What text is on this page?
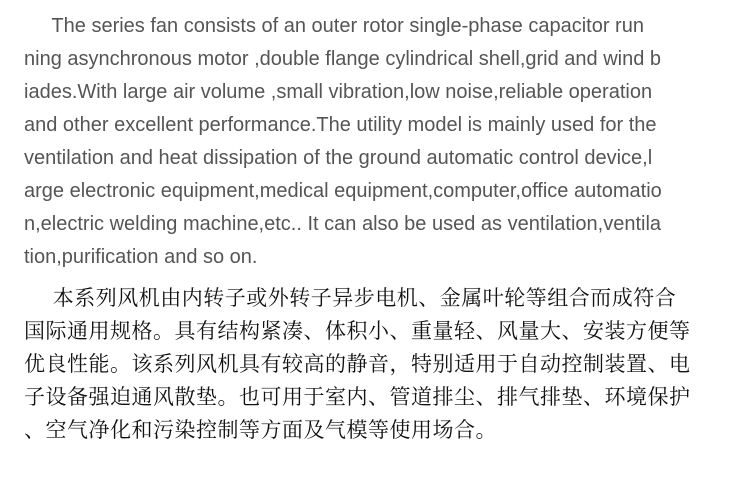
The series fan consists of an outer rotor single-phase capacitor run
ning asynchronous motor ,double flange cylindrical shell,grid and wind b
iades.With large air volume ,small vibration,low noise,reliable operation
and other excellent performance.The utility model is mainly used for the
ventilation and heat dissipation of the ground automatic control device,l
arge electronic equipment,medical equipment,computer,office automatio
n,electric welding machine,etc.. It can also be used as ventilation,ventila
tion,purification and so on.
本系列风机由内转子或外转子异步电机、金属叶轮等组合而成符合
国际通用规格。具有结构紧凑、体积小、重量轻、风量大、安装方便等
优良性能。该系列风机具有较高的静音，特别适用于自动控制装置、电
子设备强迫通风散垫。也可用于室内、管道排尘、排气排垫、环境保护
、空气净化和污染控制等方面及气模等使用场合。
